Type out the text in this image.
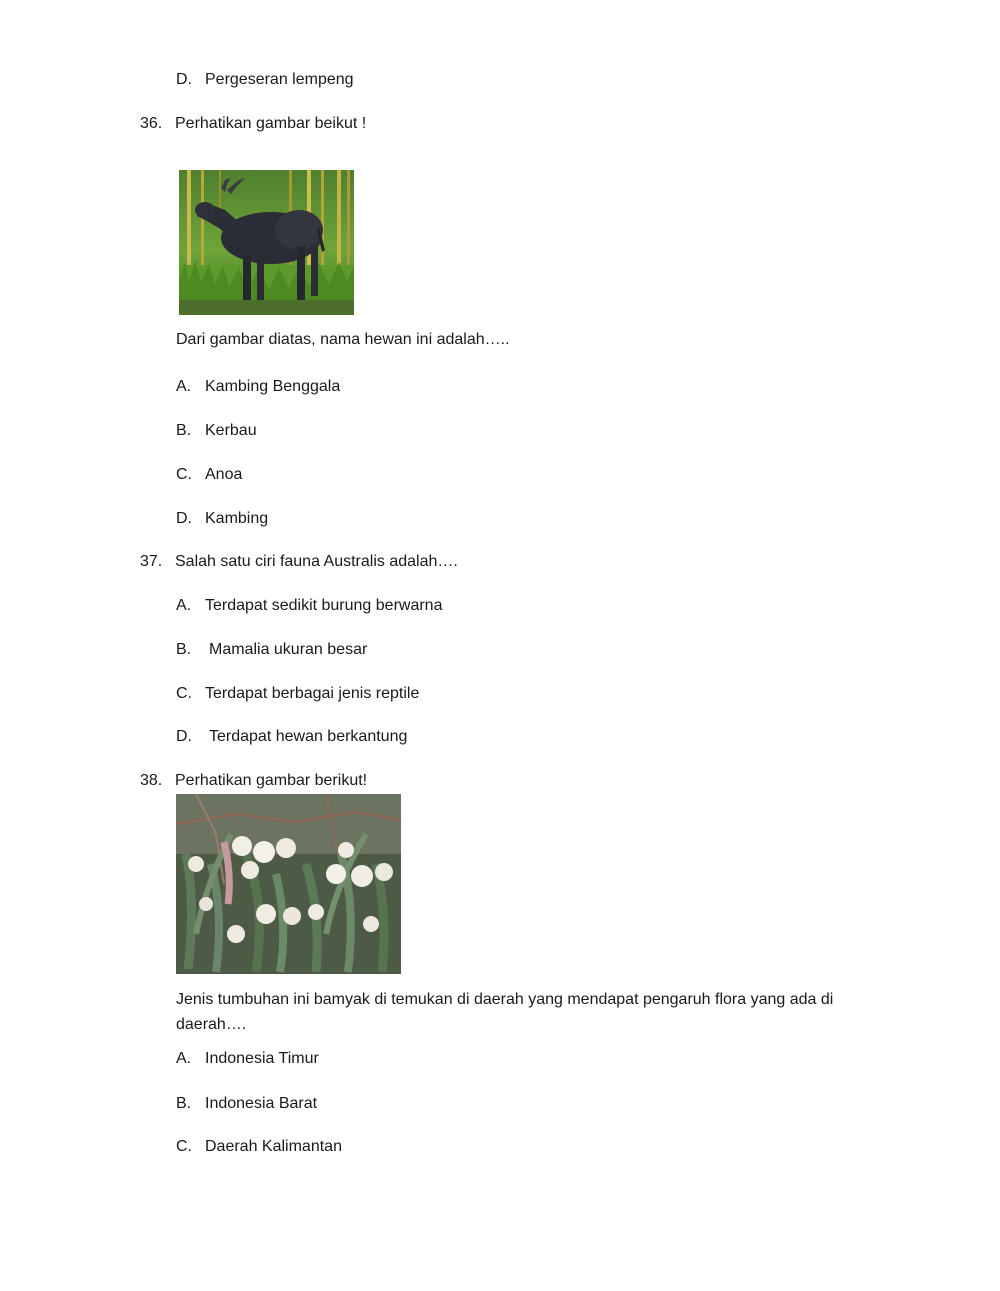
D. Pergeseran lempeng
36. Perhatikan gambar beikut !
Dari gambar diatas, nama hewan ini adalah…..
A. Kambing Benggala
B. Kerbau
C. Anoa
D. Kambing
37. Salah satu ciri fauna Australis adalah….
A. Terdapat sedikit burung berwarna
B. Mamalia ukuran besar
C. Terdapat berbagai jenis reptile
D. Terdapat hewan berkantung
38. Perhatikan gambar berikut!
Jenis tumbuhan ini bamyak di temukan di daerah yang mendapat pengaruh flora yang ada di daerah….
A. Indonesia Timur
B. Indonesia Barat
C. Daerah Kalimantan
